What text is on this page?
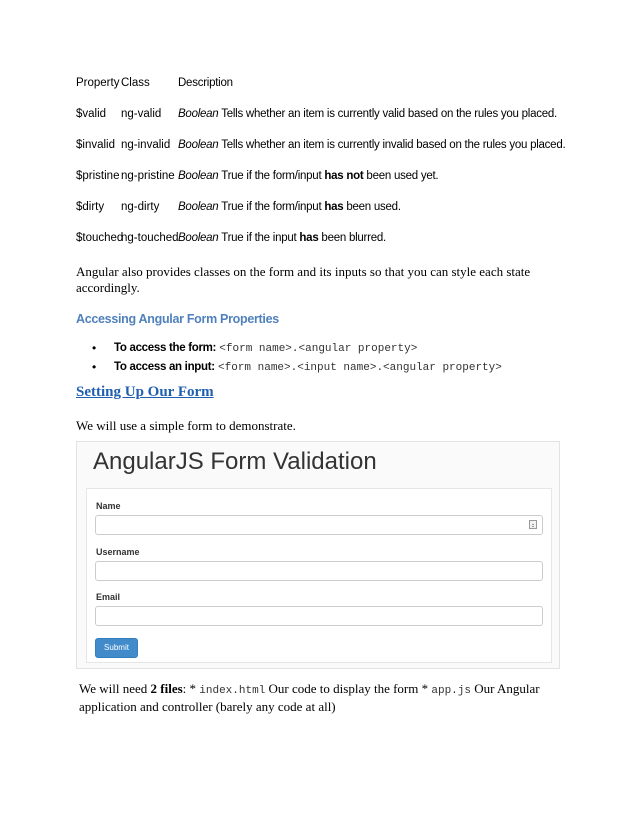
Property Class Description
$valid ng-valid Boolean Tells whether an item is currently valid based on the rules you placed.
$invalid ng-invalid Boolean Tells whether an item is currently invalid based on the rules you placed.
$pristine ng-pristine Boolean True if the form/input has not been used yet.
$dirty ng-dirty Boolean True if the form/input has been used.
$touched
ng-touched Boolean True if the input has been blurred.
Angular also provides classes on the form and its inputs so that you can style each state accordingly.
Accessing Angular Form Properties
• To access the form: <form name>.<angular property>
• To access an input: <form name>.<input name>.<angular property>
Setting Up Our Form
We will use a simple form to demonstrate.
AngularJS Form Validation
Name
Username
Email
Submit
We will need 2 files: * index.html Our code to display the form * app.js Our Angular application and controller (barely any code at all)
